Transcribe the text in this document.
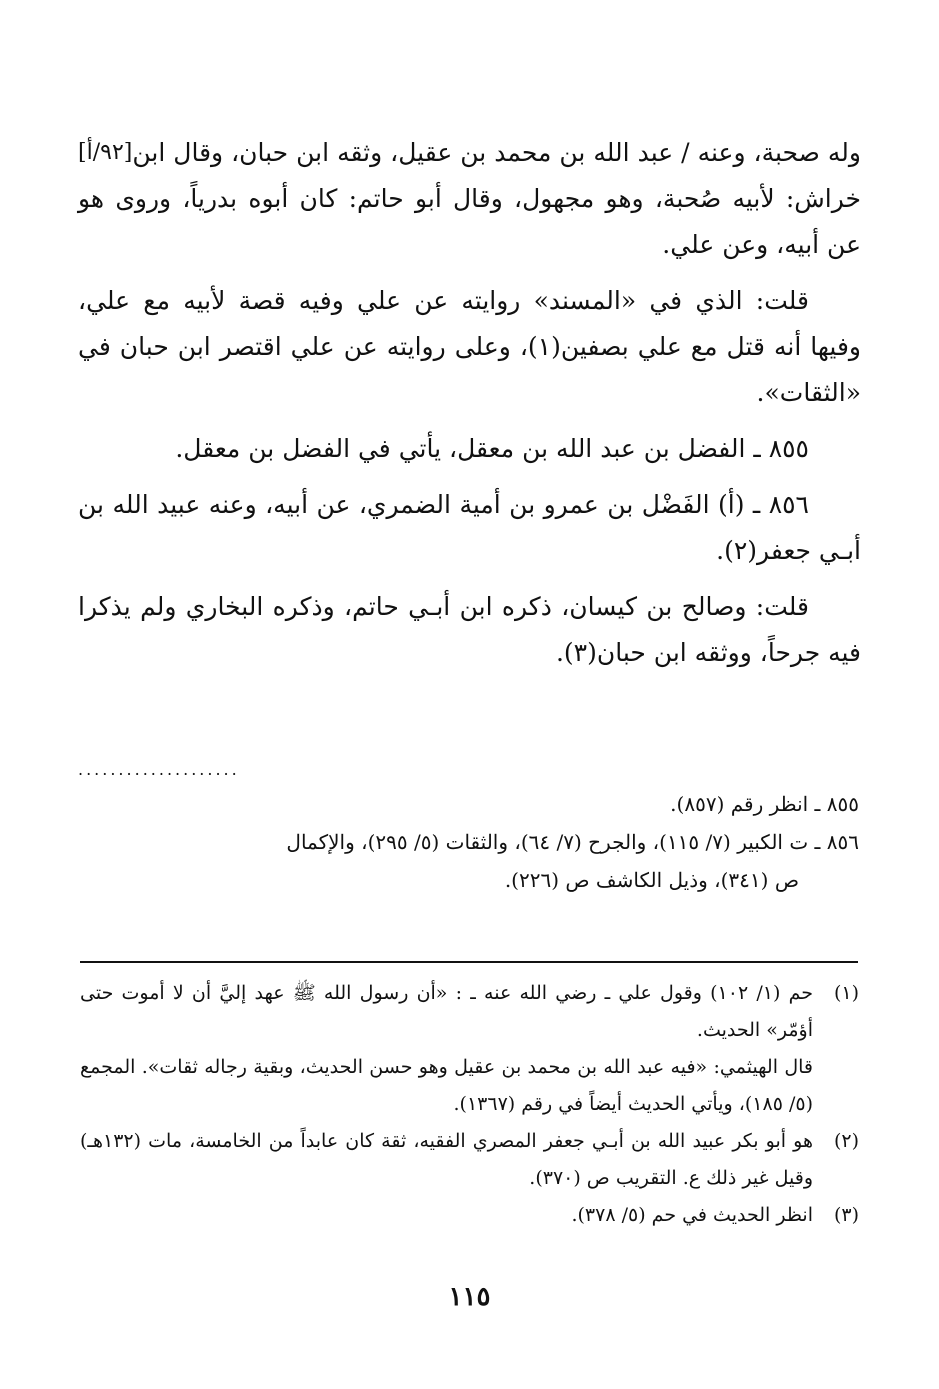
[٩٢/أ] وله صحبة، وعنه / عبد الله بن محمد بن عقيل، وثقه ابن حبان، وقال ابن خراش: لأبيه صُحبة، وهو مجهول، وقال أبو حاتم: كان أبوه بدرياً، وروى هو عن أبيه، وعن علي.

قلت: الذي في «المسند» روايته عن علي وفيه قصة لأبيه مع علي، وفيها أنه قتل مع علي بصفين(١)، وعلى روايته عن علي اقتصر ابن حبان في «الثقات».

٨٥٥ ـ الفضل بن عبد الله بن معقل، يأتي في الفضل بن معقل.

٨٥٦ ـ (أ) الفَضْل بن عمرو بن أمية الضمري، عن أبيه، وعنه عبيد الله بن أبـي جعفر(٢).

قلت: وصالح بن كيسان، ذكره ابن أبـي حاتم، وذكره البخاري ولم يذكرا فيه جرحاً، ووثقه ابن حبان(٣).

....................

٨٥٥ ـ انظر رقم (٨٥٧).

٨٥٦ ـ ت الكبير (٧/ ١١٥)، والجرح (٧/ ٦٤)، والثقات (٥/ ٢٩٥)، والإكمال

ص (٣٤١)، وذيل الكاشف ص (٢٢٦).

(١)
حم (١/ ١٠٢) وقول علي ـ رضي الله عنه ـ : «أن رسول الله ﷺ عهد إليَّ أن لا أموت حتى أؤمّر» الحديث.

قال الهيثمي: «فيه عبد الله بن محمد بن عقيل وهو حسن الحديث، وبقية رجاله ثقات». المجمع (٥/ ١٨٥)، ويأتي الحديث أيضاً في رقم (١٣٦٧).

(٢)
هو أبو بكر عبيد الله بن أبـي جعفر المصري الفقيه، ثقة كان عابداً من الخامسة، مات (١٣٢هـ) وقيل غير ذلك ع. التقريب ص (٣٧٠).

(٣)
انظر الحديث في حم (٥/ ٣٧٨).

١١٥
